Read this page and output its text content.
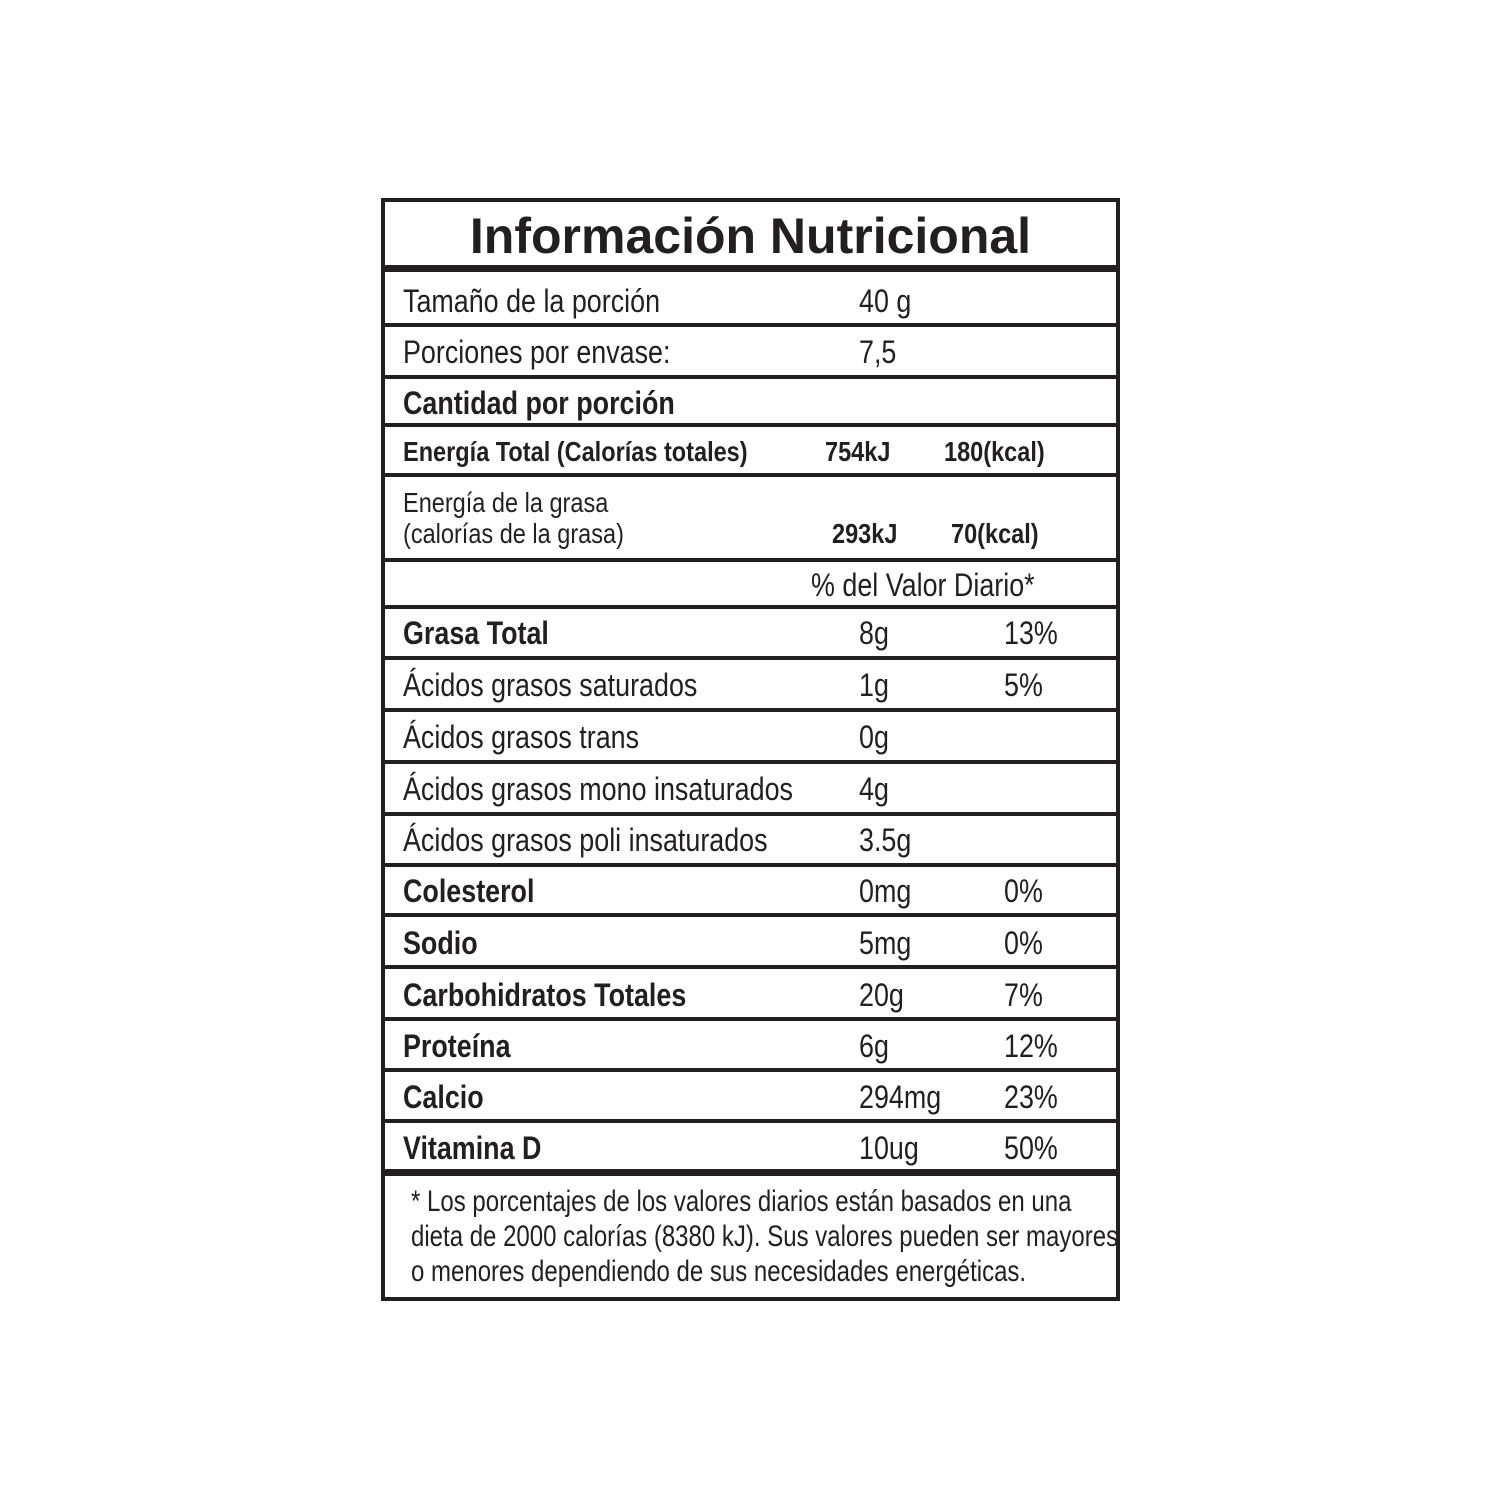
Información Nutricional
Tamaño de la porción	40 g
Porciones por envase:	7,5
Cantidad por porción
Energía Total (Calorías totales)	754kJ	180(kcal)
Energía de la grasa
(calorías de la grasa)	293kJ	70(kcal)
% del Valor Diario*
Grasa Total	8g	13%
Ácidos grasos saturados	1g	5%
Ácidos grasos trans	0g
Ácidos grasos mono insaturados	4g
Ácidos grasos poli insaturados	3.5g
Colesterol	0mg	0%
Sodio	5mg	0%
Carbohidratos Totales	20g	7%
Proteína	6g	12%
Calcio	294mg	23%
Vitamina D	10ug	50%
* Los porcentajes de los valores diarios están basados en una
dieta de 2000 calorías (8380 kJ). Sus valores pueden ser mayores
o menores dependiendo de sus necesidades energéticas.
